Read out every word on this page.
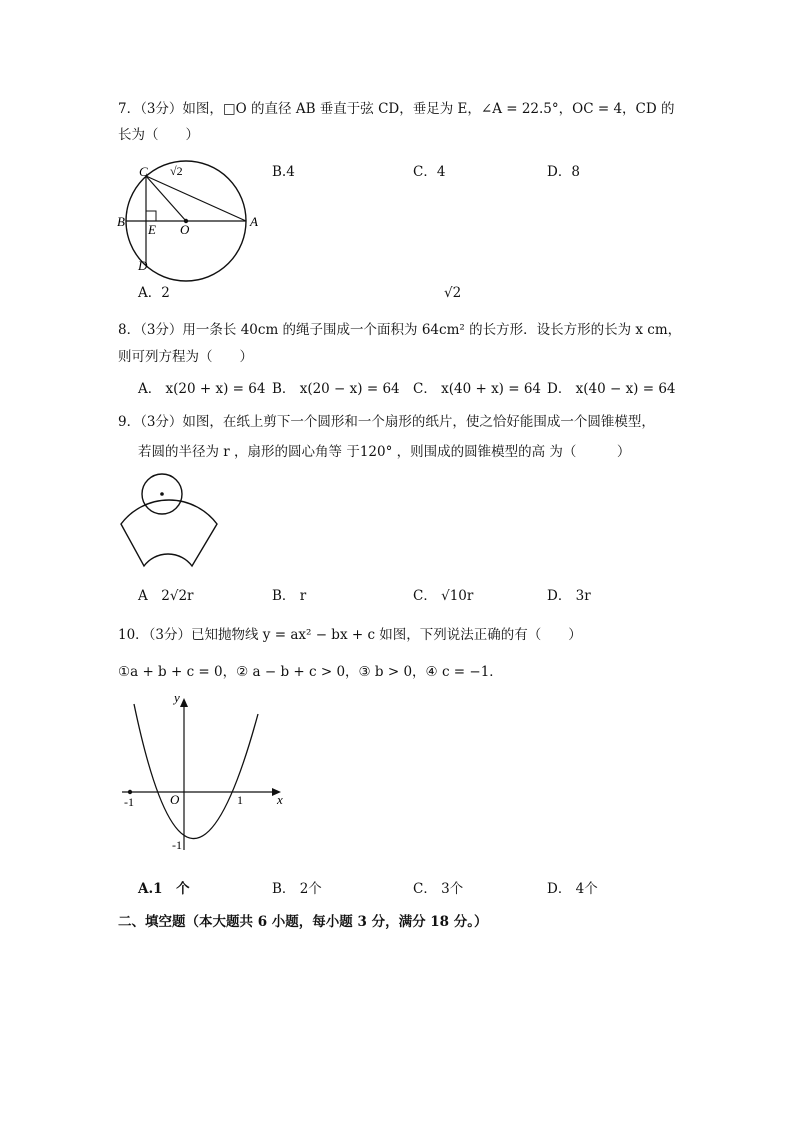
7．（3分）如图，□O 的直径 AB 垂直于弦 CD，垂足为 E，∠A = 22.5°，OC = 4，CD 的
长为（　　）
C √2
B
E O
A
D
B.4	C．4	D．8
A．2	√2
8．（3分）用一条长 40cm 的绳子围成一个面积为 64cm² 的长方形．设长方形的长为 x cm，
则可列方程为（　　）
A． x(20 + x) = 64 B． x(20 − x) = 64 C． x(40 + x) = 64 D． x(40 − x) = 64
9．（3分）如图，在纸上剪下一个圆形和一个扇形的纸片，使之恰好能围成一个圆锥模型，
若圆的半径为 r ，扇形的圆心角等 于120° ，则围成的圆锥模型的高 为（　　　）
A　2√2r	B． r	C． √10r	D． 3r
10．（3分）已知抛物线 y = ax² − bx + c 如图，下列说法正确的有（　　）
①a + b + c = 0，② a − b + c > 0，③ b > 0，④ c = −1．
y
x
O
-1	1
-1
A.1　个	B． 2个	C． 3个	D． 4个
二、填空题（本大题共 6 小题，每小题 3 分，满分 18 分。）
